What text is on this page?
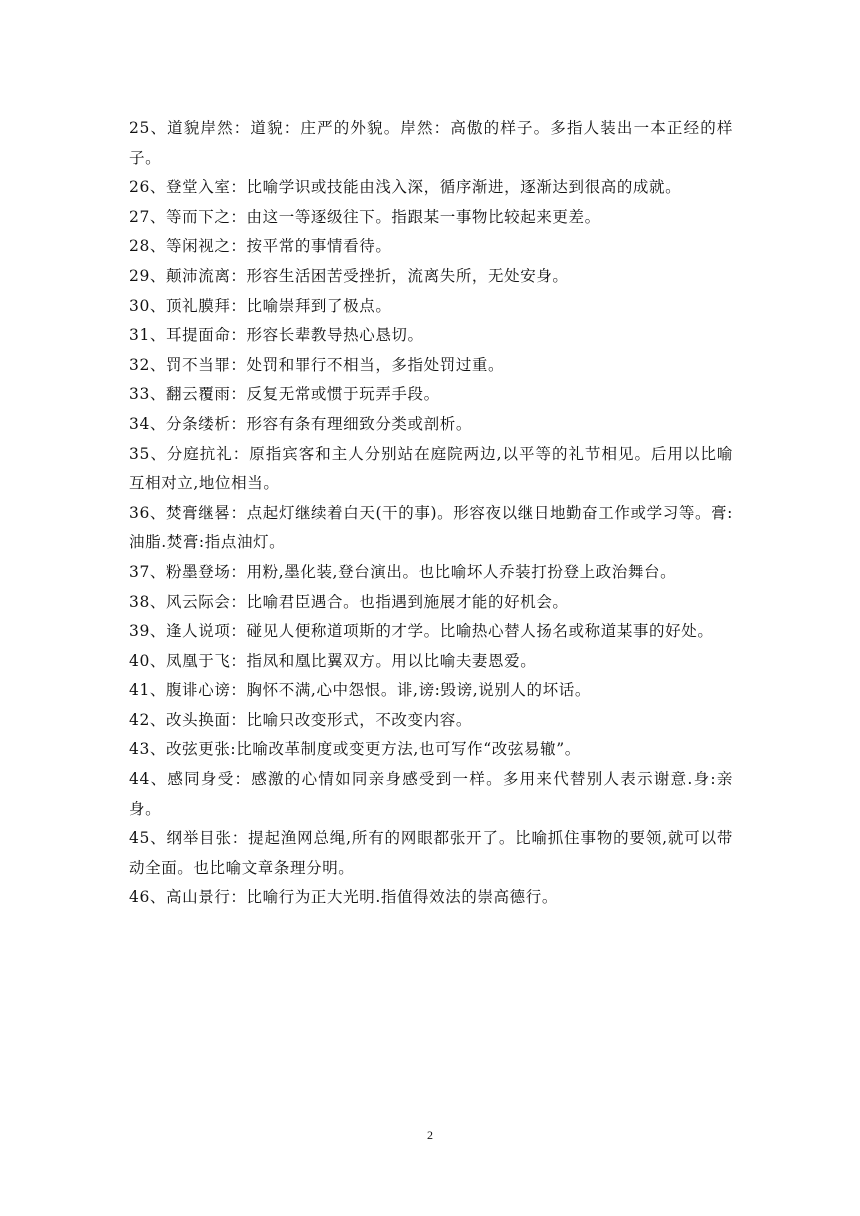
25、道貌岸然：道貌：庄严的外貌。岸然：高傲的样子。多指人装出一本正经的样子。

26、登堂入室：比喻学识或技能由浅入深，循序渐进，逐渐达到很高的成就。

27、等而下之：由这一等逐级往下。指跟某一事物比较起来更差。

28、等闲视之：按平常的事情看待。

29、颠沛流离：形容生活困苦受挫折，流离失所，无处安身。

30、顶礼膜拜：比喻崇拜到了极点。

31、耳提面命：形容长辈教导热心恳切。

32、罚不当罪：处罚和罪行不相当，多指处罚过重。

33、翻云覆雨：反复无常或惯于玩弄手段。

34、分条缕析：形容有条有理细致分类或剖析。

35、分庭抗礼：原指宾客和主人分别站在庭院两边,以平等的礼节相见。后用以比喻互相对立,地位相当。

36、焚膏继晷：点起灯继续着白天(干的事)。形容夜以继日地勤奋工作或学习等。膏:油脂.焚膏:指点油灯。

37、粉墨登场：用粉,墨化装,登台演出。也比喻坏人乔装打扮登上政治舞台。

38、风云际会：比喻君臣遇合。也指遇到施展才能的好机会。

39、逢人说项：碰见人便称道项斯的才学。比喻热心替人扬名或称道某事的好处。

40、凤凰于飞：指凤和凰比翼双方。用以比喻夫妻恩爱。

41、腹诽心谤：胸怀不满,心中怨恨。诽,谤:毁谤,说别人的坏话。

42、改头换面：比喻只改变形式，不改变内容。

43、改弦更张:比喻改革制度或变更方法,也可写作“改弦易辙”。

44、感同身受：感激的心情如同亲身感受到一样。多用来代替别人表示谢意.身:亲身。

45、纲举目张：提起渔网总绳,所有的网眼都张开了。比喻抓住事物的要领,就可以带动全面。也比喻文章条理分明。

46、高山景行：比喻行为正大光明.指值得效法的崇高德行。

2
